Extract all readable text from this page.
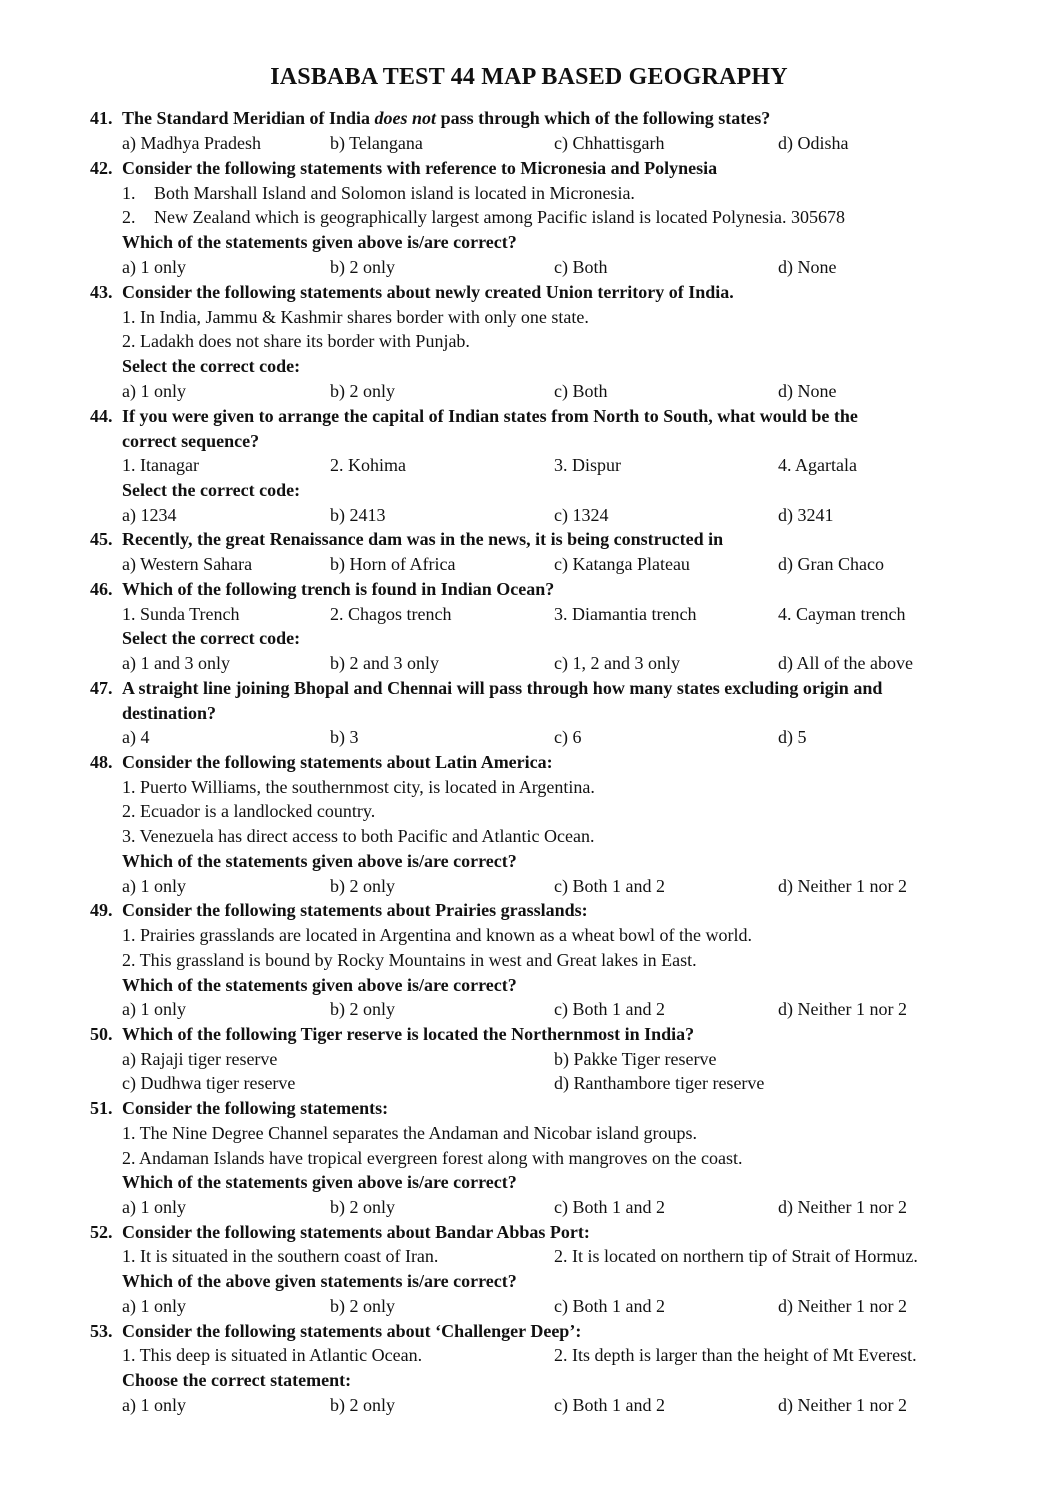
IASBABA TEST 44 MAP BASED GEOGRAPHY
41. The Standard Meridian of India does not pass through which of the following states?
a) Madhya Pradesh	b) Telangana	c) Chhattisgarh	d) Odisha
42. Consider the following statements with reference to Micronesia and Polynesia
1. Both Marshall Island and Solomon island is located in Micronesia.
2. New Zealand which is geographically largest among Pacific island is located Polynesia. 305678
Which of the statements given above is/are correct?
a) 1 only	b) 2 only	c) Both	d) None
43. Consider the following statements about newly created Union territory of India.
1. In India, Jammu & Kashmir shares border with only one state.
2. Ladakh does not share its border with Punjab.
Select the correct code:
a) 1 only	b) 2 only	c) Both	d) None
44. If you were given to arrange the capital of Indian states from North to South, what would be the
correct sequence?
1. Itanagar	2. Kohima	3. Dispur	4. Agartala
Select the correct code:
a) 1234	b) 2413	c) 1324	d) 3241
45. Recently, the great Renaissance dam was in the news, it is being constructed in
a) Western Sahara	b) Horn of Africa	c) Katanga Plateau	d) Gran Chaco
46. Which of the following trench is found in Indian Ocean?
1. Sunda Trench	2. Chagos trench	3. Diamantia trench	4. Cayman trench
Select the correct code:
a) 1 and 3 only	b) 2 and 3 only	c) 1, 2 and 3 only	d) All of the above
47. A straight line joining Bhopal and Chennai will pass through how many states excluding origin and
destination?
a) 4	b) 3	c) 6	d) 5
48. Consider the following statements about Latin America:
1. Puerto Williams, the southernmost city, is located in Argentina.
2. Ecuador is a landlocked country.
3. Venezuela has direct access to both Pacific and Atlantic Ocean.
Which of the statements given above is/are correct?
a) 1 only	b) 2 only	c) Both 1 and 2	d) Neither 1 nor 2
49. Consider the following statements about Prairies grasslands:
1. Prairies grasslands are located in Argentina and known as a wheat bowl of the world.
2. This grassland is bound by Rocky Mountains in west and Great lakes in East.
Which of the statements given above is/are correct?
a) 1 only	b) 2 only	c) Both 1 and 2	d) Neither 1 nor 2
50. Which of the following Tiger reserve is located the Northernmost in India?
a) Rajaji tiger reserve	b) Pakke Tiger reserve
c) Dudhwa tiger reserve	d) Ranthambore tiger reserve
51. Consider the following statements:
1. The Nine Degree Channel separates the Andaman and Nicobar island groups.
2. Andaman Islands have tropical evergreen forest along with mangroves on the coast.
Which of the statements given above is/are correct?
a) 1 only	b) 2 only	c) Both 1 and 2	d) Neither 1 nor 2
52. Consider the following statements about Bandar Abbas Port:
1. It is situated in the southern coast of Iran.	2. It is located on northern tip of Strait of Hormuz.
Which of the above given statements is/are correct?
a) 1 only	b) 2 only	c) Both 1 and 2	d) Neither 1 nor 2
53. Consider the following statements about ‘Challenger Deep’:
1. This deep is situated in Atlantic Ocean.	2. Its depth is larger than the height of Mt Everest.
Choose the correct statement:
a) 1 only	b) 2 only	c) Both 1 and 2	d) Neither 1 nor 2
